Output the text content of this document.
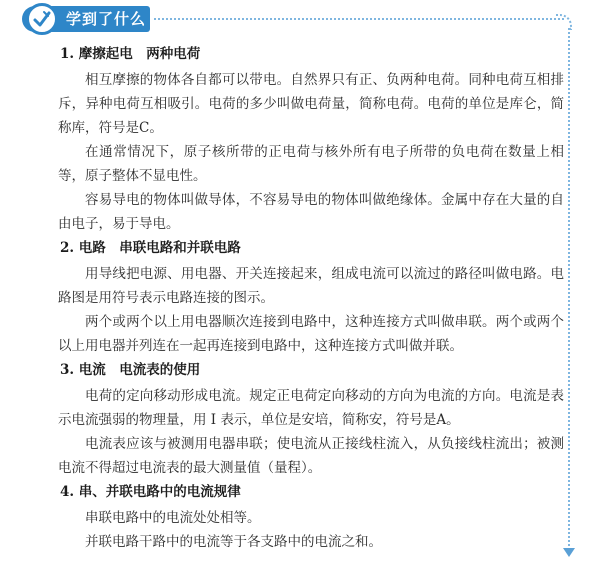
学到了什么
1. 摩擦起电　两种电荷

相互摩擦的物体各自都可以带电。自然界只有正、负两种电荷。同种电荷互相排斥，异种电荷互相吸引。电荷的多少叫做电荷量，简称电荷。电荷的单位是库仑，简称库，符号是C。

在通常情况下，原子核所带的正电荷与核外所有电子所带的负电荷在数量上相等，原子整体不显电性。

容易导电的物体叫做导体，不容易导电的物体叫做绝缘体。金属中存在大量的自由电子，易于导电。

2. 电路　串联电路和并联电路

用导线把电源、用电器、开关连接起来，组成电流可以流过的路径叫做电路。电路图是用符号表示电路连接的图示。

两个或两个以上用电器顺次连接到电路中，这种连接方式叫做串联。两个或两个以上用电器并列连在一起再连接到电路中，这种连接方式叫做并联。

3. 电流　电流表的使用

电荷的定向移动形成电流。规定正电荷定向移动的方向为电流的方向。电流是表示电流强弱的物理量，用 I 表示，单位是安培，简称安，符号是A。

电流表应该与被测用电器串联；使电流从正接线柱流入，从负接线柱流出；被测电流不得超过电流表的最大测量值（量程）。

4. 串、并联电路中的电流规律

串联电路中的电流处处相等。

并联电路干路中的电流等于各支路中的电流之和。
